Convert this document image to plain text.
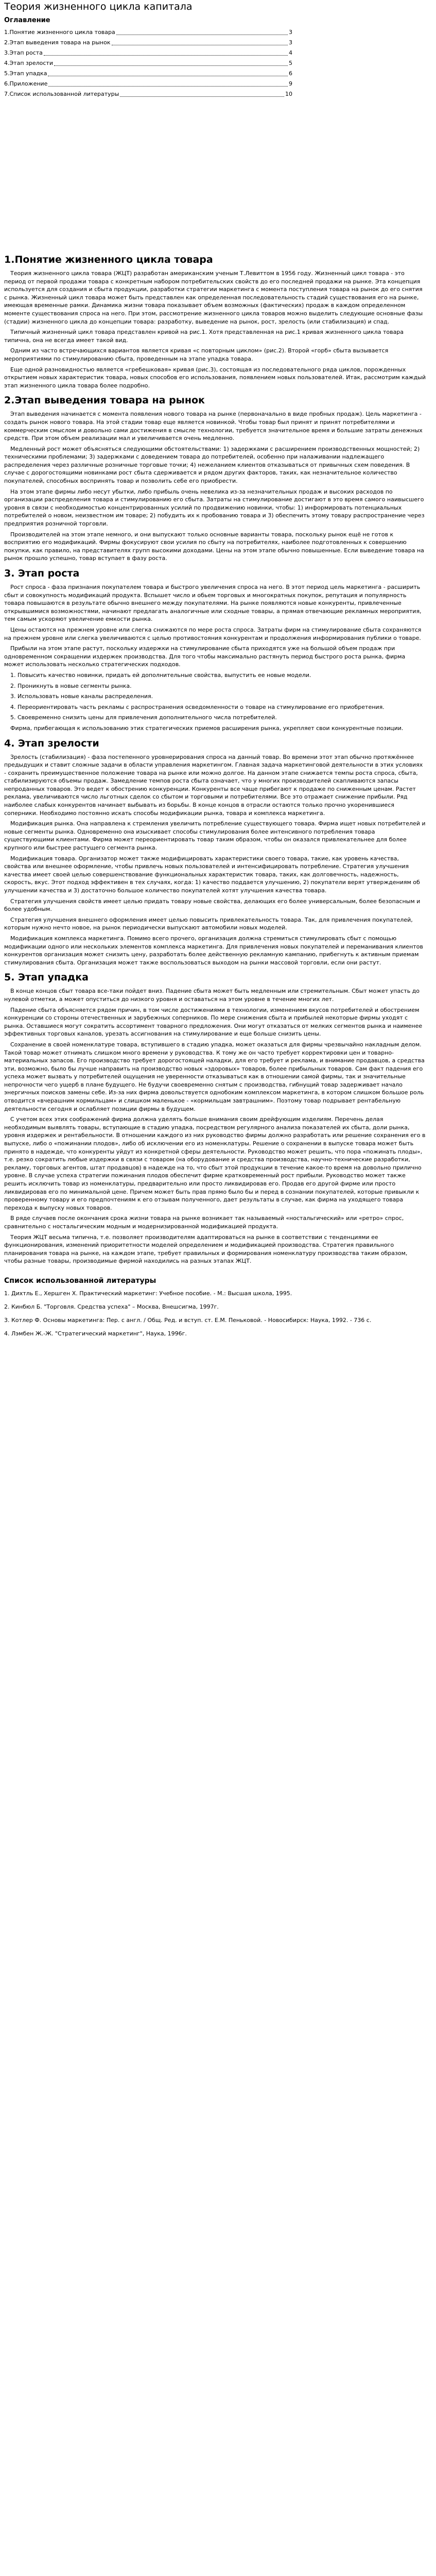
Теория жизненного цикла капитала
Оглавление
1.Понятие жизненного цикла товара	3
2.Этап выведения товара на рынок	3
3.Этап роста	4
4.Этап зрелости	5
5.Этап упадка	6
6.Приложение	9
7.Список использованной литературы	10
1.Понятие жизненного цикла товара

Теория жизненного цикла товара (ЖЦТ) разработан американским ученым Т.Левиттом в 1956 году. Жизненный цикл товара - это период от первой продажи товара с конкретным набором потребительских свойств до его последней продажи на рынке. Эта концепция используется для создания и сбыта продукции, разработки стратегии маркетинга с момента поступления товара на рынок до его снятия с рынка. Жизненный цикл товара может быть представлен как определенная последовательность стадий существования его на рынке, имеющая временные рамки. Динамика жизни товара показывает объем возможных (фактических) продаж в каждом определенном моменте существования спроса на него. При этом, рассмотрение жизненного цикла товаров можно выделить следующие основные фазы (стадии) жизненного цикла до концепции товара: разработку, выведение на рынок, рост, зрелость (или стабилизация) и спад.

Типичный жизненный цикл товара представлен кривой на рис.1. Хотя представленная на рис.1 кривая жизненного цикла товара типична, она не всегда имеет такой вид.

Одним из часто встречающихся вариантов является кривая «с повторным циклом» (рис.2). Второй «горб» сбыта вызывается мероприятиями по стимулированию сбыта, проведенным на этапе упадка товара.

Еще одной разновидностью является «гребешковая» кривая (рис.3), состоящая из последовательного ряда циклов, порожденных открытием новых характеристик товара, новых способов его использования, появлением новых пользователей. Итак, рассмотрим каждый этап жизненного цикла товара более подробно.

2.Этап выведения товара на рынок

Этап выведения начинается с момента появления нового товара на рынке (первоначально в виде пробных продаж). Цель маркетинга - создать рынок нового товара. На этой стадии товар еще является новинкой. Чтобы товар был принят и принят потребителями и коммерческим смыслом и довольно сами достижения в смысле технологии, требуется значительное время и большие затраты денежных средств. При этом объем реализации мал и увеличивается очень медленно.

Медленный рост может объясняться следующими обстоятельствами: 1) задержками с расширением производственных мощностей; 2) техническими проблемами; 3) задержками с доведением товара до потребителей, особенно при налаживании надлежащего распределения через различные розничные торговые точки; 4) нежеланием клиентов отказываться от привычных схем поведения. В случае с дорогостоящими новинками рост сбыта сдерживается и рядом других факторов, таких, как незначительное количество покупателей, способных воспринять товар и позволить себе его приобрести.

На этом этапе фирмы либо несут убытки, либо прибыль очень невелика из-за незначительных продаж и высоких расходов по организации распределения товара и стимулированию его сбыта. Затраты на стимулирование достигают в это время самого наивысшего уровня в связи с необходимостью концентрированных усилий по продвижению новинки, чтобы: 1) информировать потенциальных потребителей о новом, неизвестном им товаре; 2) побудить их к пробованию товара и 3) обеспечить этому товару распространение через предприятия розничной торговли.

Производителей на этом этапе немного, и они выпускают только основные варианты товара, поскольку рынок ещё не готов к восприятию его модификаций. Фирмы фокусируют свои усилия по сбыту на потребителях, наиболее подготовленных к совершению покупки, как правило, на представителях групп высокими доходами. Цены на этом этапе обычно повышенные. Если выведение товара на рынок прошло успешно, товар вступает в фазу роста.

3. Этап роста

Рост спроса - фаза признания покупателем товара и быстрого увеличения спроса на него. В этот период цель маркетинга - расширить сбыт и совокупность модификаций продукта. Вспышет число и обьем торговых и многократных покупок, репутация и популярность товара повышаются в результате обычно внешнего между покупателями. На рынке появляются новые конкуренты, привлеченные открывшимися возможностями, начинают предлагать аналогичные или сходные товары, а прямая отвечающие рекламных мероприятия, тем самым ускоряют увеличение емкости рынка.

Цены остаются на прежнем уровне или слегка снижаются по мере роста спроса. Затраты фирм на стимулирование сбыта сохраняются на прежнем уровне или слегка увеличиваются с целью противостояния конкурентам и продолжения информирования публики о товаре.

Прибыли на этом этапе растут, поскольку издержки на стимулирование сбыта приходятся уже на большой объем продаж при одновременном сокращении издержек производства. Для того чтобы максимально растянуть период быстрого роста рынка, фирма может использовать несколько стратегических подходов.

1. Повысить качество новинки, придать ей дополнительные свойства, выпустить ее новые модели.

2. Проникнуть в новые сегменты рынка.

3. Использовать новые каналы распределения.

4. Переориентировать часть рекламы с распространения осведомленности о товаре на стимулирование его приобретения.

5. Своевременно снизить цены для привлечения дополнительного числа потребителей.

Фирма, прибегающая к использованию этих стратегических приемов расширения рынка, укрепляет свои конкурентные позиции.

4. Этап зрелости

Зрелость (стабилизация) - фаза постепенного уровнерирования спроса на данный товар. Во времени этот этап обычно протяжённее предыдущих и ставит сложные задачи в области управления маркетингом. Главная задача маркетинговой деятельности в этих условиях - сохранить преимущественное положение товара на рынке или можно долгое. На данном этапе снижается темпы роста спроса, сбыта, стабилизируются объемы продаж. Замедление темпов роста сбыта означает, что у многих производителей скапливаются запасы непроданных товаров. Это ведет к обострению конкуренции. Конкуренты все чаще прибегают к продаже по сниженным ценам. Растет реклама, увеличиваются число льготных сделок со сбытом и торговыми и потребителями. Все это отражает снижение прибыли. Ряд наиболее слабых конкурентов начинает выбывать из борьбы. В конце концов в отрасли остаются только прочно укоренившиеся соперники. Необходимо постоянно искать способы модификации рынка, товара и комплекса маркетинга.

Модификация рынка. Она направлена к стремления увеличить потребление существующего товара. Фирма ищет новых потребителей и новые сегменты рынка. Одновременно она изыскивает способы стимулирования более интенсивного потребления товара существующими клиентами. Фирма может переориентировать товар таким образом, чтобы он оказался привлекательнее для более крупного или быстрее растущего сегмента рынка.

Модификация товара. Организатор может также модифицировать характеристики своего товара, такие, как уровень качества, свойства или внешнее оформление, чтобы привлечь новых пользователей и интенсифицировать потребление. Стратегия улучшения качества имеет своей целью совершенствование функциональных характеристик товара, таких, как долговечность, надежность, скорость, вкус. Этот подход эффективен в тех случаях, когда: 1) качество поддается улучшению, 2) покупатели верят утверждениям об улучшении качества и 3) достаточно большое количество покупателей хотят улучшения качества товара.

Стратегия улучшения свойств имеет целью придать товару новые свойства, делающих его более универсальным, более безопасным и более удобным.

Стратегия улучшения внешнего оформления имеет целью повысить привлекательность товара. Так, для привлечения покупателей, которым нужно нечто новое, на рынок периодически выпускают автомобили новых моделей.

Модификация комплекса маркетинга. Помимо всего прочего, организация должна стремиться стимулировать сбыт с помощью модификации одного или нескольких элементов комплекса маркетинга. Для привлечения новых покупателей и переманивания клиентов конкурентов организация может снизить цену, разработать более действенную рекламную кампанию, прибегнуть к активным приемам стимулирования сбыта. Организация может также воспользоваться выходом на рынки массовой торговли, если они растут.

5. Этап упадка

В конце концов сбыт товара все-таки пойдет вниз. Падение сбыта может быть медленным или стремительным. Сбыт может упасть до нулевой отметки, а может опуститься до низкого уровня и оставаться на этом уровне в течение многих лет.

Падение сбыта объясняется рядом причин, в том числе достижениями в технологии, изменением вкусов потребителей и обострением конкуренции со стороны отечественных и зарубежных соперников. По мере снижения сбыта и прибылей некоторые фирмы уходят с рынка. Оставшиеся могут сократить ассортимент товарного предложения. Они могут отказаться от мелких сегментов рынка и наименее эффективных торговых каналов, урезать ассигнования на стимулирование и еще больше снизить цены.

Сохранение в своей номенклатуре товара, вступившего в стадию упадка, может оказаться для фирмы чрезвычайно накладным делом. Такой товар может отнимать слишком много времени у руководства. К тому же он часто требует корректировки цен и товарно-материальных запасов. Его производство требует дорогостоящей наладки, для его требует и реклама, и внимание продавцов, а средства эти, возможно, было бы лучше направить на производство новых «здоровых» товаров, более прибыльных товаров. Сам факт падения его успеха может вызвать у потребителей ощущения не уверенности отказываться как в отношении самой фирмы, так и значительные непрочности чего ущерб в плане будущего. Не будучи своевременно снятым с производства, гибнущий товар задерживает начало энергичных поисков замены себе. Из-за них фирма довольствуется однобоким комплексом маркетинга, в котором слишком большое роль отводится «вчерашним кормильцам» и слишком маленькое - «кормильцам завтрашним». Поэтому товар подрывает рентабельную деятельности сегодня и ослабляет позиции фирмы в будущем.

С учетом всех этих соображений фирма должна уделять больше внимания своим дрейфующим изделиям. Перечень делая необходимым выявлять товары, вступающие в стадию упадка, посредством регулярного анализа показателей их сбыта, доли рынка, уровня издержек и рентабельности. В отношении каждого из них руководство фирмы должно разработать или решение сохранения его в выпуске, либо о «пожинании плодов», либо об исключении его из номенклатуры. Решение о сохранении в выпуске товара может быть принято в надежде, что конкуренты уйдут из конкретной сферы деятельности. Руководство может решить, что пора «пожинать плоды», т.е. резко сократить любые издержки в связи с товаром (на оборудование и средства производства, научно-технические разработки, рекламу, торговых агентов, штат продавцов) в надежде на то, что сбыт этой продукции в течение какое-то время на довольно прилично уровне. В случае успеха стратегии пожинания плодов обеспечит фирме кратковременный рост прибыли. Руководство может также решить исключить товар из номенклатуры, предварительно или просто ликвидировав его. Продав его другой фирме или просто ликвидировав его по минимальной цене. Причем может быть прав прямо было бы и перед в сознании покупателей, которые привыкли к проверенному товару и его предпочтениям к его отзывам полученного, дает результаты в случае, как фирма на уходящего товара перехода к выпуску новых товаров.

В ряде случаев после окончания срока жизни товара на рынке возникает так называемый «ностальгический» или «ретро» спрос, сравнительно с ностальгическим модным и модернизированной модификацией продукта.

Теория ЖЦТ весьма типична, т.е. позволяет производителям адаптироваться на рынке в соответствии с тенденциями ее функционирования, изменений приоритетности моделей определением и модификацией производства. Стратегия правильного планирования товара на рынке, на каждом этапе, требует правильных и формирования номенклатуру производства таким образом, чтобы разные товары, производимые фирмой находились на разных этапах ЖЦТ.

Список использованной литературы

1. Дихтль Е., Хершген Х. Практический маркетинг: Учебное пособие. - М.: Высшая школа, 1995.

2. Кинбюл Б. "Торговля. Средства успеха" – Москва, Внешсигма, 1997г.

3. Котлер Ф. Основы маркетинга: Пер. с англ. / Общ. Ред. и вступ. ст. Е.М. Пеньковой. - Новосибирск: Наука, 1992. - 736 с.

4. Лэмбен Ж.-Ж. "Стратегический маркетинг", Наука, 1996г.
